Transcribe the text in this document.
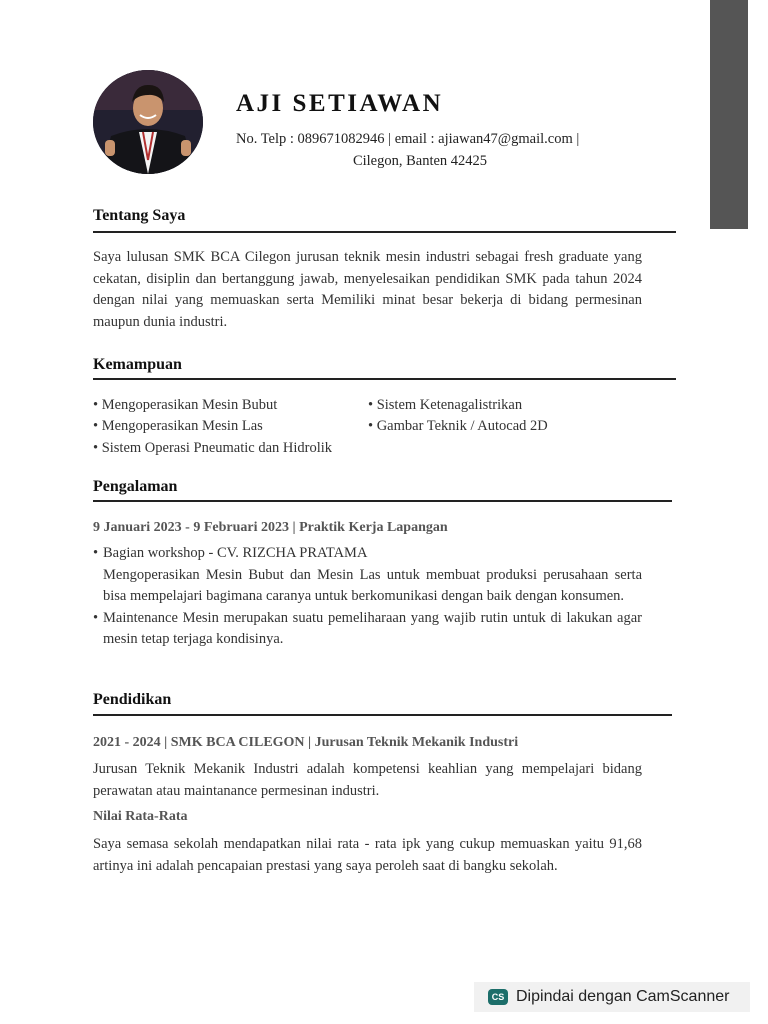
AJI SETIAWAN
No. Telp : 089671082946 | email : ajiawan47@gmail.com |
Cilegon, Banten 42425
Tentang Saya
Saya lulusan SMK BCA Cilegon jurusan teknik mesin industri sebagai fresh graduate yang cekatan, disiplin dan bertanggung jawab, menyelesaikan pendidikan SMK pada tahun 2024 dengan nilai yang memuaskan serta Memiliki minat besar bekerja di bidang permesinan maupun dunia industri.
Kemampuan
• Mengoperasikan Mesin Bubut
• Mengoperasikan Mesin Las
• Sistem Operasi Pneumatic dan Hidrolik
• Sistem Ketenagalistrikan
• Gambar Teknik / Autocad 2D
Pengalaman
9 Januari 2023 - 9 Februari 2023 | Praktik Kerja Lapangan
• Bagian workshop - CV. RIZCHA PRATAMA
Mengoperasikan Mesin Bubut dan Mesin Las untuk membuat produksi perusahaan serta bisa mempelajari bagimana caranya untuk berkomunikasi dengan baik dengan konsumen.
• Maintenance Mesin merupakan suatu pemeliharaan yang wajib rutin untuk di lakukan agar mesin tetap terjaga kondisinya.
Pendidikan
2021 - 2024 | SMK BCA CILEGON | Jurusan Teknik Mekanik Industri
Jurusan Teknik Mekanik Industri adalah kompetensi keahlian yang mempelajari bidang perawatan atau maintanance permesinan industri.
Nilai Rata-Rata
Saya semasa sekolah mendapatkan nilai rata - rata ipk yang cukup memuaskan yaitu 91,68 artinya ini adalah pencapaian prestasi yang saya peroleh saat di bangku sekolah.
CS Dipindai dengan CamScanner
